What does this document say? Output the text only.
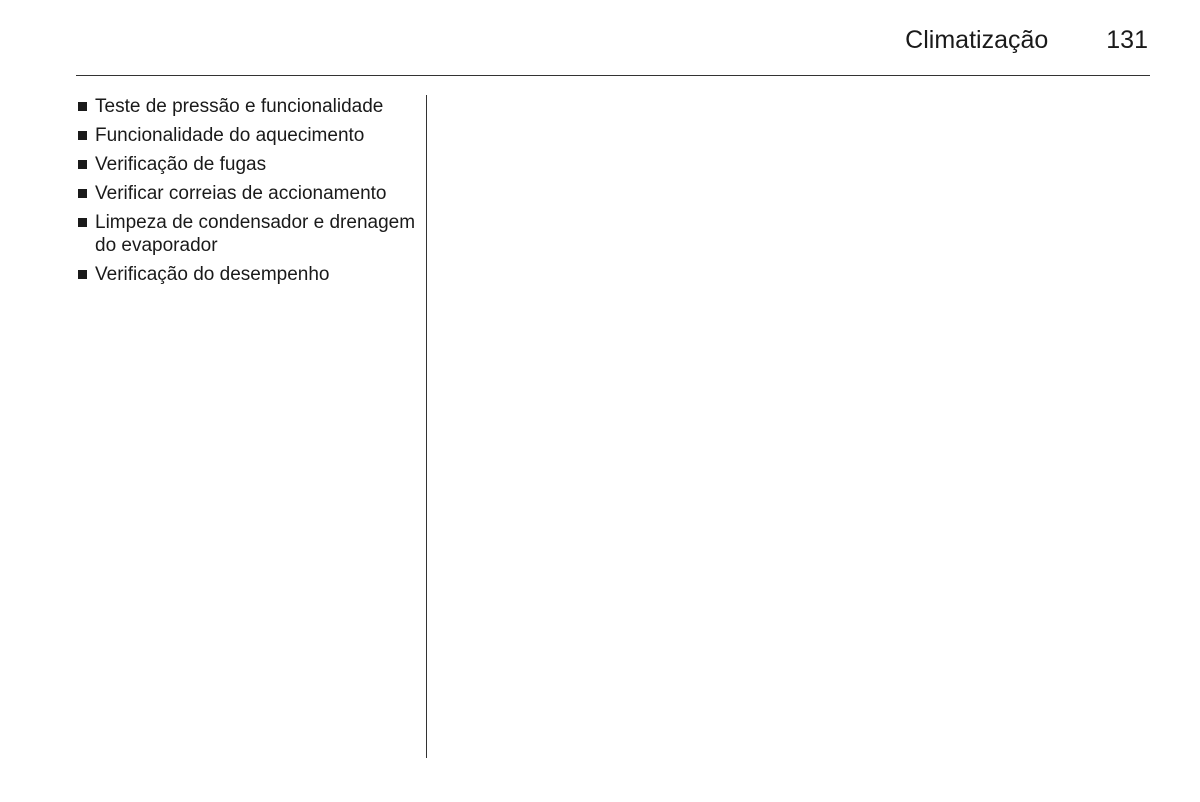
Climatização 131
Teste de pressão e funcionalidade
Funcionalidade do aquecimento
Verificação de fugas
Verificar correias de accionamento
Limpeza de condensador e drenagem do evaporador
Verificação do desempenho
